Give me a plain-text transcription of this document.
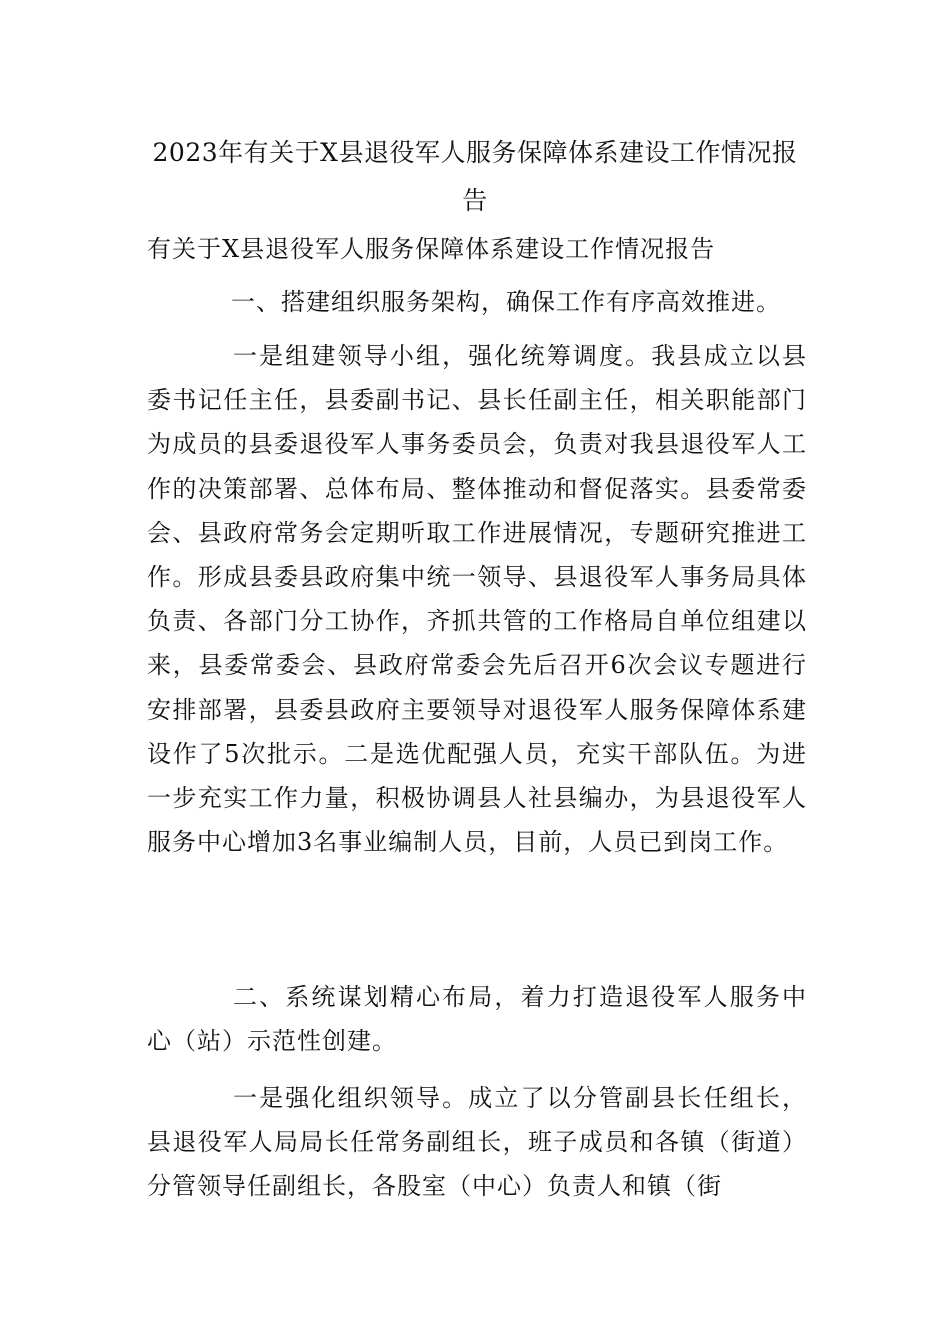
2023年有关于X县退役军人服务保障体系建设工作情况报告

有关于X县退役军人服务保障体系建设工作情况报告

一、搭建组织服务架构，确保工作有序高效推进。

一是组建领导小组，强化统筹调度。我县成立以县委书记任主任，县委副书记、县长任副主任，相关职能部门为成员的县委退役军人事务委员会，负责对我县退役军人工作的决策部署、总体布局、整体推动和督促落实。县委常委会、县政府常务会定期听取工作进展情况，专题研究推进工作。形成县委县政府集中统一领导、县退役军人事务局具体负责、各部门分工协作，齐抓共管的工作格局自单位组建以来，县委常委会、县政府常委会先后召开6次会议专题进行安排部署，县委县政府主要领导对退役军人服务保障体系建设作了5次批示。二是选优配强人员，充实干部队伍。为进一步充实工作力量，积极协调县人社县编办，为县退役军人服务中心增加3名事业编制人员，目前，人员已到岗工作。

二、系统谋划精心布局，着力打造退役军人服务中心（站）示范性创建。

一是强化组织领导。成立了以分管副县长任组长，县退役军人局局长任常务副组长，班子成员和各镇（街道）分管领导任副组长，各股室（中心）负责人和镇（街
